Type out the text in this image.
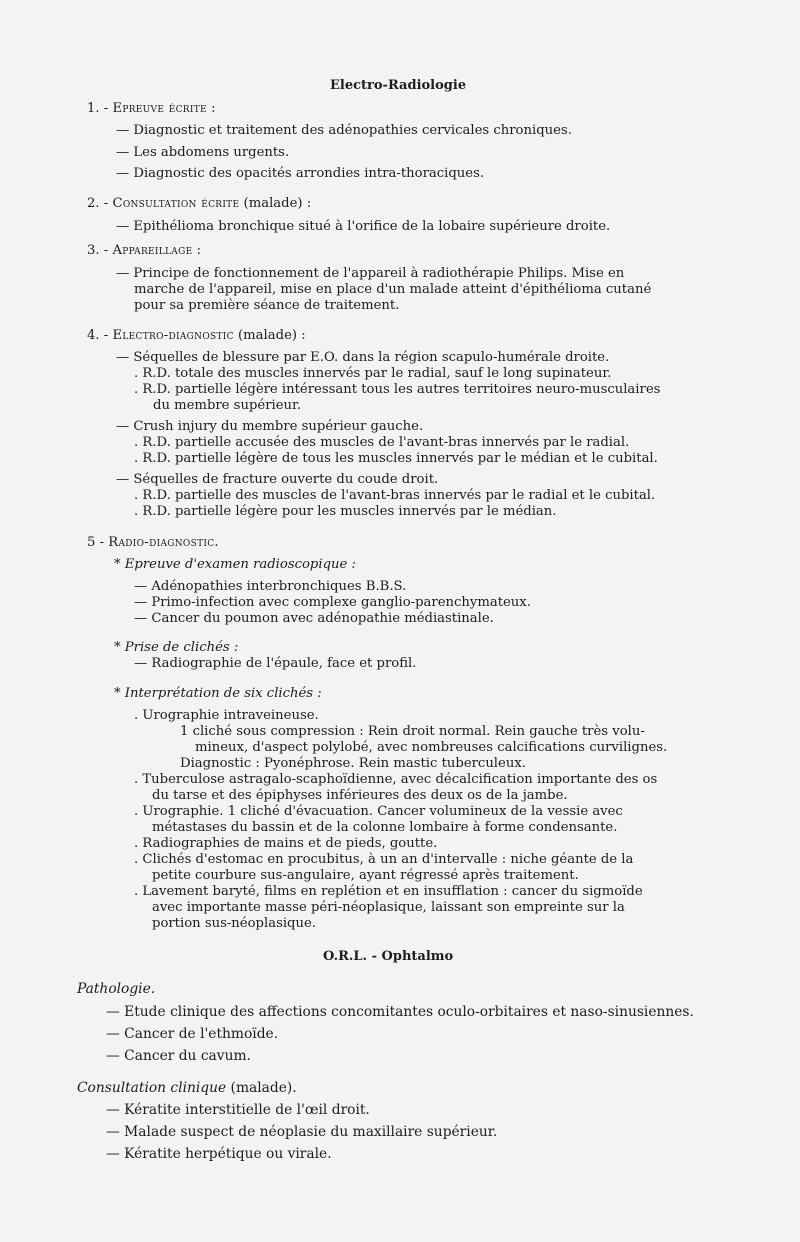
Electro-Radiologie
1. - Epreuve écrite :
— Diagnostic et traitement des adénopathies cervicales chroniques.
— Les abdomens urgents.
— Diagnostic des opacités arrondies intra-thoraciques.
2. - Consultation écrite (malade) :
— Epithélioma bronchique situé à l'orifice de la lobaire supérieure droite.
3. - Appareillage :
— Principe de fonctionnement de l'appareil à radiothérapie Philips. Mise en
marche de l'appareil, mise en place d'un malade atteint d'épithélioma cutané
pour sa première séance de traitement.
4. - Electro-diagnostic (malade) :
— Séquelles de blessure par E.O. dans la région scapulo-humérale droite.
. R.D. totale des muscles innervés par le radial, sauf le long supinateur.
. R.D. partielle légère intéressant tous les autres territoires neuro-musculaires
du membre supérieur.
— Crush injury du membre supérieur gauche.
. R.D. partielle accusée des muscles de l'avant-bras innervés par le radial.
. R.D. partielle légère de tous les muscles innervés par le médian et le cubital.
— Séquelles de fracture ouverte du coude droit.
. R.D. partielle des muscles de l'avant-bras innervés par le radial et le cubital.
. R.D. partielle légère pour les muscles innervés par le médian.
5 - Radio-diagnostic.
* Epreuve d'examen radioscopique :
— Adénopathies interbronchiques B.B.S.
— Primo-infection avec complexe ganglio-parenchymateux.
— Cancer du poumon avec adénopathie médiastinale.
* Prise de clichés :
— Radiographie de l'épaule, face et profil.
* Interprétation de six clichés :
. Urographie intraveineuse.
1 cliché sous compression : Rein droit normal. Rein gauche très volu-
mineux, d'aspect polylobé, avec nombreuses calcifications curvilignes.
Diagnostic : Pyonéphrose. Rein mastic tuberculeux.
. Tuberculose astragalo-scaphoïdienne, avec décalcification importante des os
du tarse et des épiphyses inférieures des deux os de la jambe.
. Urographie. 1 cliché d'évacuation. Cancer volumineux de la vessie avec
métastases du bassin et de la colonne lombaire à forme condensante.
. Radiographies de mains et de pieds, goutte.
. Clichés d'estomac en procubitus, à un an d'intervalle : niche géante de la
petite courbure sus-angulaire, ayant régressé après traitement.
. Lavement baryté, films en replétion et en insufflation : cancer du sigmoïde
avec importante masse péri-néoplasique, laissant son empreinte sur la
portion sus-néoplasique.
O.R.L. - Ophtalmo
Pathologie.
— Etude clinique des affections concomitantes oculo-orbitaires et naso-sinusiennes.
— Cancer de l'ethmoïde.
— Cancer du cavum.
Consultation clinique (malade).
— Kératite interstitielle de l'œil droit.
— Malade suspect de néoplasie du maxillaire supérieur.
— Kératite herpétique ou virale.
